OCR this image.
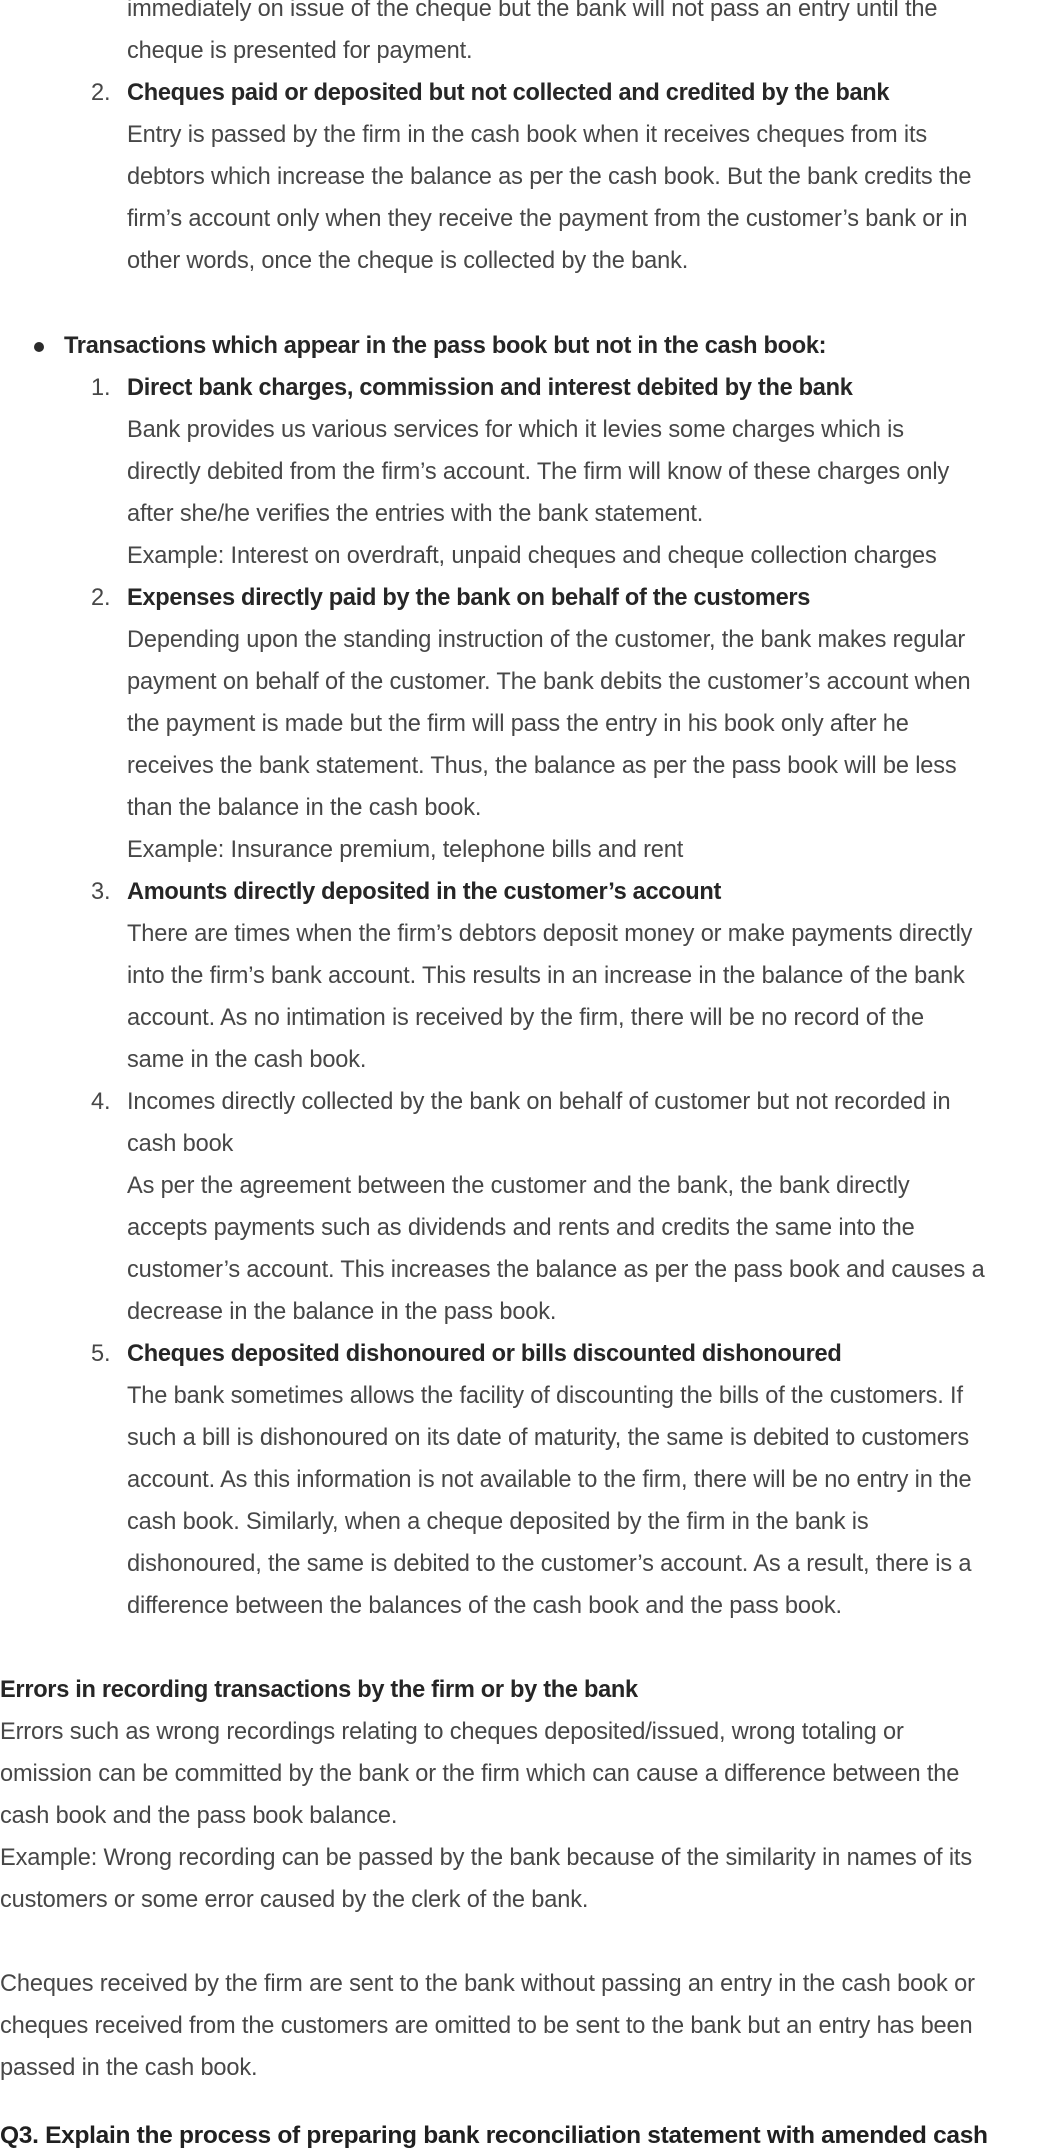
immediately on issue of the cheque but the bank will not pass an entry until the
cheque is presented for payment.
2. Cheques paid or deposited but not collected and credited by the bank
Entry is passed by the firm in the cash book when it receives cheques from its
debtors which increase the balance as per the cash book. But the bank credits the
firm’s account only when they receive the payment from the customer’s bank or in
other words, once the cheque is collected by the bank.
Transactions which appear in the pass book but not in the cash book:
1. Direct bank charges, commission and interest debited by the bank
Bank provides us various services for which it levies some charges which is
directly debited from the firm’s account. The firm will know of these charges only
after she/he verifies the entries with the bank statement.
Example: Interest on overdraft, unpaid cheques and cheque collection charges
2. Expenses directly paid by the bank on behalf of the customers
Depending upon the standing instruction of the customer, the bank makes regular
payment on behalf of the customer. The bank debits the customer’s account when
the payment is made but the firm will pass the entry in his book only after he
receives the bank statement. Thus, the balance as per the pass book will be less
than the balance in the cash book.
Example: Insurance premium, telephone bills and rent
3. Amounts directly deposited in the customer’s account
There are times when the firm’s debtors deposit money or make payments directly
into the firm’s bank account. This results in an increase in the balance of the bank
account. As no intimation is received by the firm, there will be no record of the
same in the cash book.
4. Incomes directly collected by the bank on behalf of customer but not recorded in
cash book
As per the agreement between the customer and the bank, the bank directly
accepts payments such as dividends and rents and credits the same into the
customer’s account. This increases the balance as per the pass book and causes a
decrease in the balance in the pass book.
5. Cheques deposited dishonoured or bills discounted dishonoured
The bank sometimes allows the facility of discounting the bills of the customers. If
such a bill is dishonoured on its date of maturity, the same is debited to customers
account. As this information is not available to the firm, there will be no entry in the
cash book. Similarly, when a cheque deposited by the firm in the bank is
dishonoured, the same is debited to the customer’s account. As a result, there is a
difference between the balances of the cash book and the pass book.
Errors in recording transactions by the firm or by the bank
Errors such as wrong recordings relating to cheques deposited/issued, wrong totaling or
omission can be committed by the bank or the firm which can cause a difference between the
cash book and the pass book balance.
Example: Wrong recording can be passed by the bank because of the similarity in names of its
customers or some error caused by the clerk of the bank.
Cheques received by the firm are sent to the bank without passing an entry in the cash book or
cheques received from the customers are omitted to be sent to the bank but an entry has been
passed in the cash book.
Q3. Explain the process of preparing bank reconciliation statement with amended cash
